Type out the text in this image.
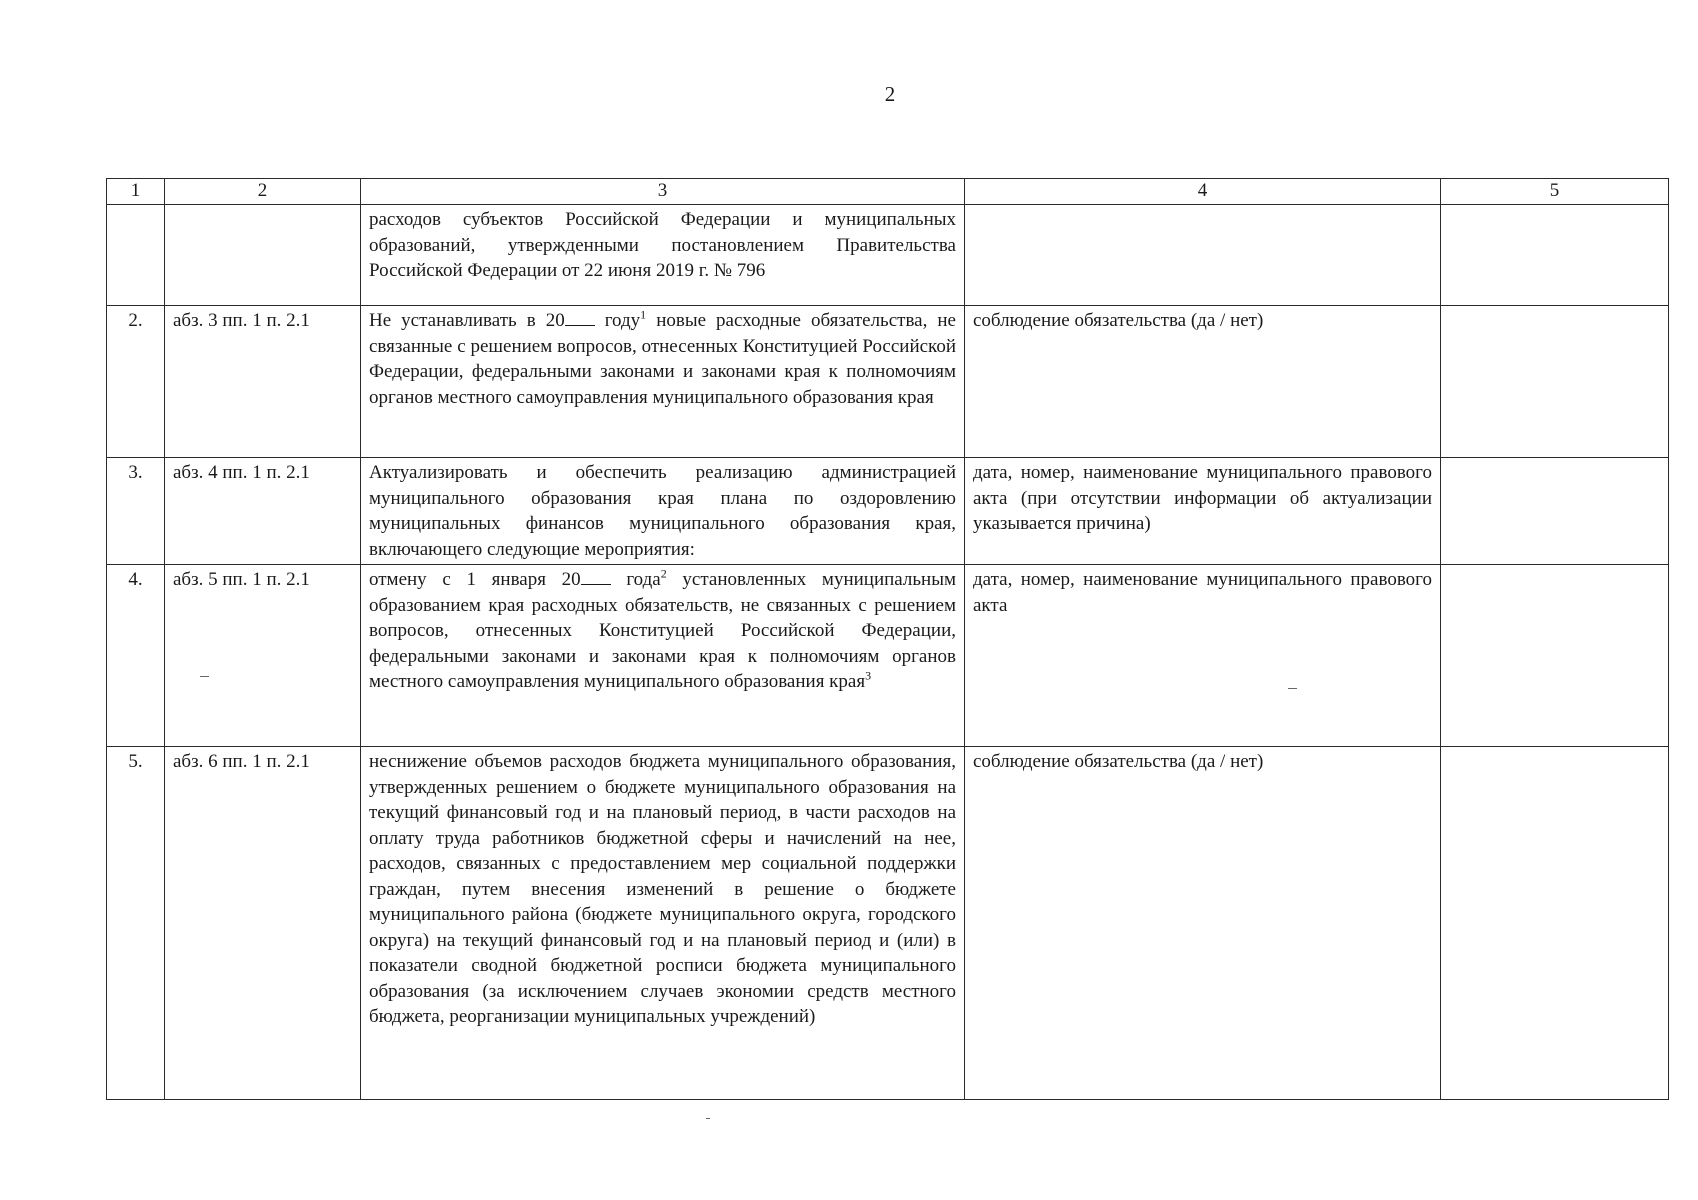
2
1	2	3	4	5
		расходов субъектов Российской Федерации и муниципальных образований, утвержденными постановлением Правительства Российской Федерации от 22 июня 2019 г. № 796		
2.	абз. 3 пп. 1 п. 2.1	Не устанавливать в 20 году$^1$ новые расходные обязательства, не связанные с решением вопросов, отнесенных Конституцией Российской Федерации, федеральными законами и законами края к полномочиям органов местного самоуправления муниципального образования края	соблюдение обязательства (да / нет)	
3.	абз. 4 пп. 1 п. 2.1	Актуализировать и обеспечить реализацию администрацией муниципального образования края плана по оздоровлению муниципальных финансов муниципального образования края, включающего следующие мероприятия:	дата, номер, наименование муниципального правового акта (при отсутствии информации об актуализации указывается причина)	
4.	абз. 5 пп. 1 п. 2.1	отмену с 1 января 20 года$^2$ установленных муниципальным образованием края расходных обязательств, не связанных с решением вопросов, отнесенных Конституцией Российской Федерации, федеральными законами и законами края к полномочиям органов местного самоуправления муниципального образования края$^3$	дата, номер, наименование муниципального правового акта	
5.	абз. 6 пп. 1 п. 2.1	неснижение объемов расходов бюджета муниципального образования, утвержденных решением о бюджете муниципального образования на текущий финансовый год и на плановый период, в части расходов на оплату труда работников бюджетной сферы и начислений на нее, расходов, связанных с предоставлением мер социальной поддержки граждан, путем внесения изменений в решение о бюджете муниципального района (бюджете муниципального округа, городского округа) на текущий финансовый год и на плановый период и (или) в показатели сводной бюджетной росписи бюджета муниципального образования (за исключением случаев экономии средств местного бюджета, реорганизации муниципальных учреждений)	соблюдение обязательства (да / нет)	
